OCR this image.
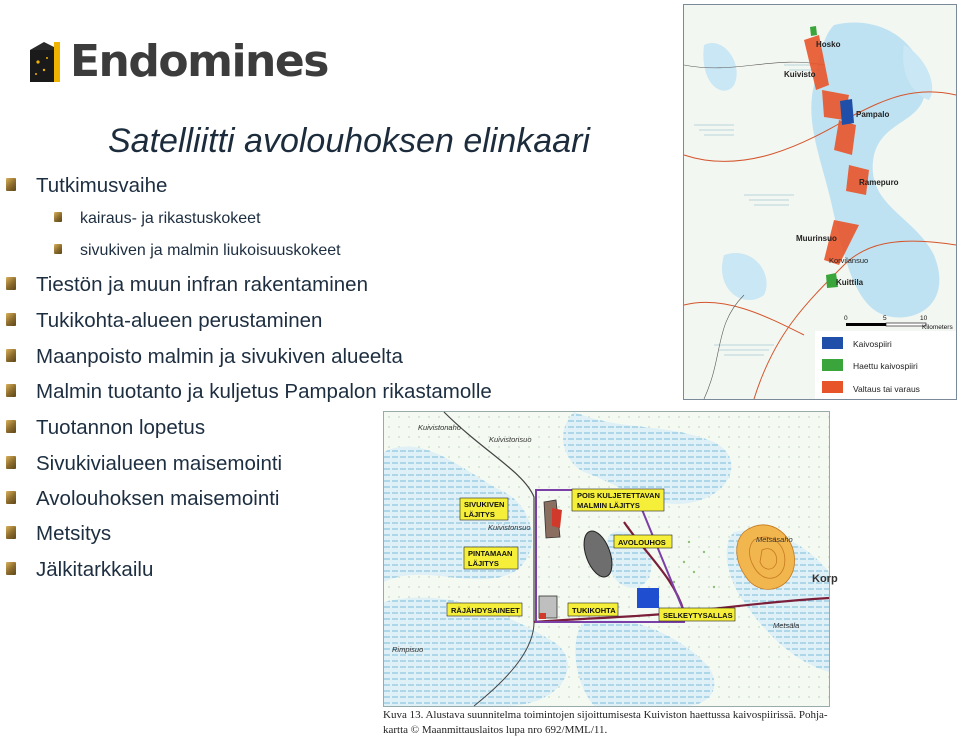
Endomines
Satelliitti avolouhoksen elinkaari
Tutkimusvaihe
kairaus- ja rikastuskokeet
sivukiven ja malmin liukoisuuskokeet
Tiestön ja muun infran rakentaminen
Tukikohta-alueen perustaminen
Maanpoisto malmin ja sivukiven alueelta
Malmin tuotanto ja kuljetus Pampalon rikastamolle
Tuotannon lopetus
Sivukivialueen maisemointi
Avolouhoksen maisemointi
Metsitys
Jälkitarkkailu
Hosko
Kuivisto
Pampalo
Ramepuro
Muurinsuo
Korvilansuo
Kuittila
0	5	10
Kilometers
Kaivospiiri
Haettu kaivospiiri
Valtaus tai varaus
Kuivistonaho
Kuivistonsuo
Kuivistonsuo
Metsäsaho
Korp
Rimpisuo
Metsäla
POIS KULJETETTAVAN
MALMIN LÄJITYS
SIVUKIVEN
LÄJITYS
AVOLOUHOS
PINTAMAAN
LÄJITYS
RÄJÄHDYSAINEET	TUKIKOHTA
SELKEYTYSALLAS
Kuva 13. Alustava suunnitelma toimintojen sijoittumisesta Kuiviston haettussa kaivospiirissä. Pohja-
kartta © Maanmittauslaitos lupa nro 692/MML/11.
